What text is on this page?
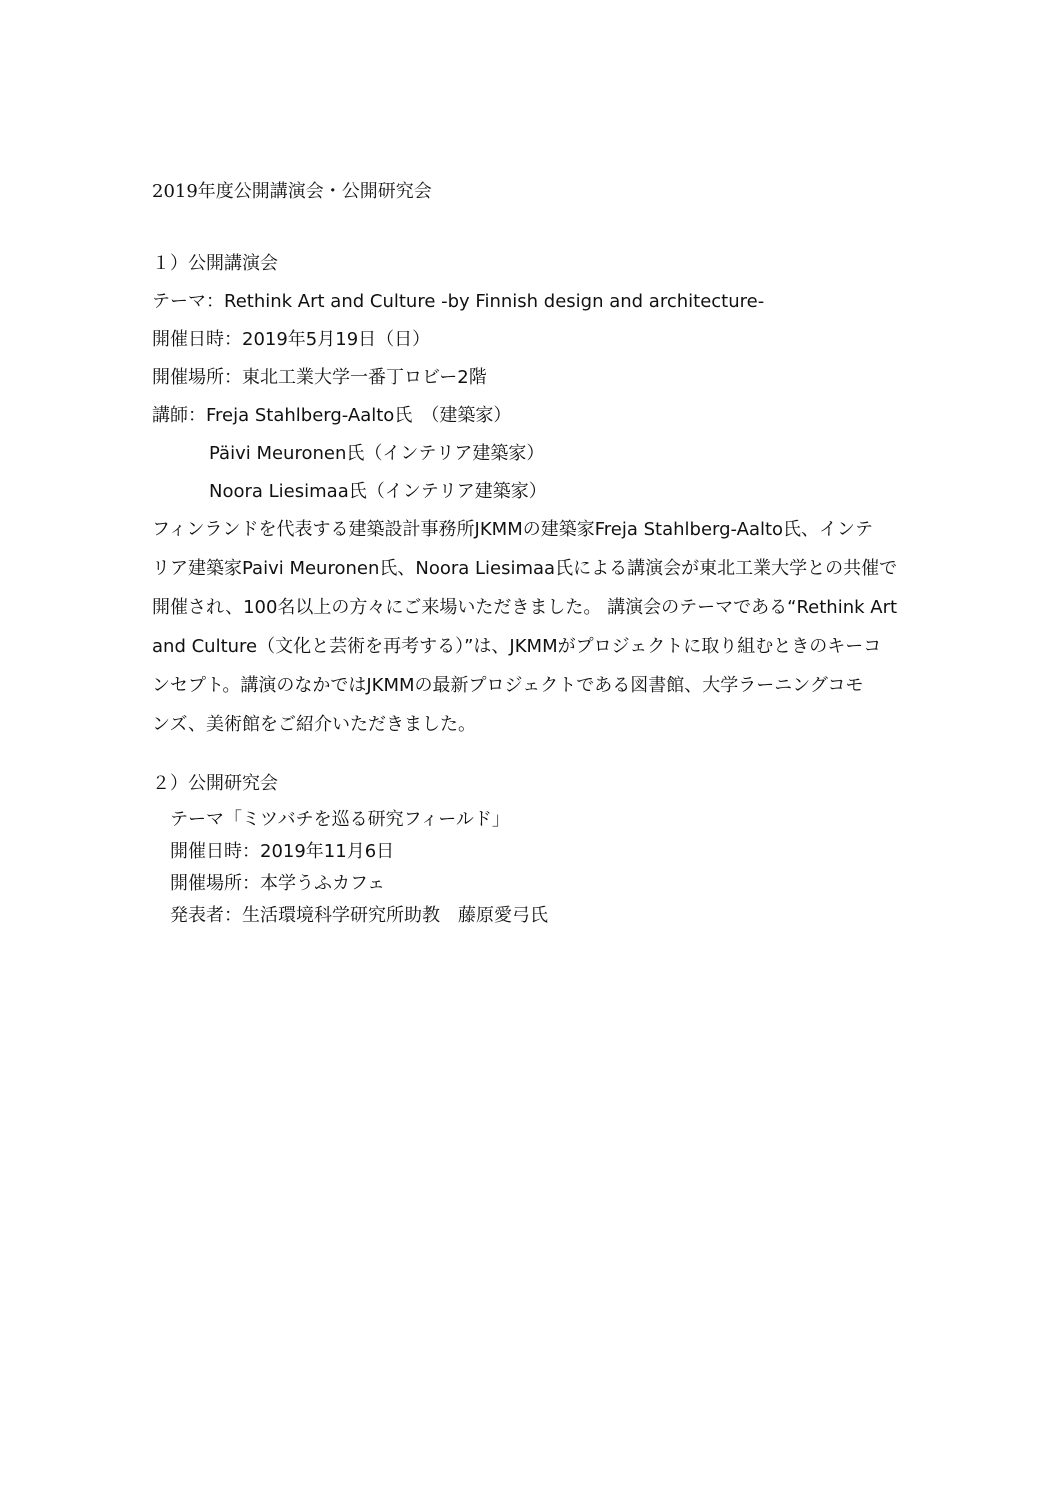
2019年度公開講演会・公開研究会
１）公開講演会
テーマ：Rethink Art and Culture -by Finnish design and architecture-
開催日時：2019年5月19日（日）
開催場所：東北工業大学一番丁ロビー2階
講師：Freja Stahlberg-Aalto氏　（建築家）
Päivi Meuronen氏（インテリア建築家）
Noora Liesimaa氏（インテリア建築家）
フィンランドを代表する建築設計事務所JKMMの建築家Freja Stahlberg-Aalto氏、インテ
リア建築家Paivi Meuronen氏、Noora Liesimaa氏による講演会が東北工業大学との共催で
開催され、100名以上の方々にご来場いただきました。 講演会のテーマである“Rethink Art
and Culture（文化と芸術を再考する）”は、JKMMがプロジェクトに取り組むときのキーコ
ンセプト。講演のなかではJKMMの最新プロジェクトである図書館、大学ラーニングコモ
ンズ、美術館をご紹介いただきました。
２）公開研究会
テーマ「ミツバチを巡る研究フィールド」
開催日時：2019年11月6日
開催場所：本学うふカフェ
発表者：生活環境科学研究所助教　藤原愛弓氏
